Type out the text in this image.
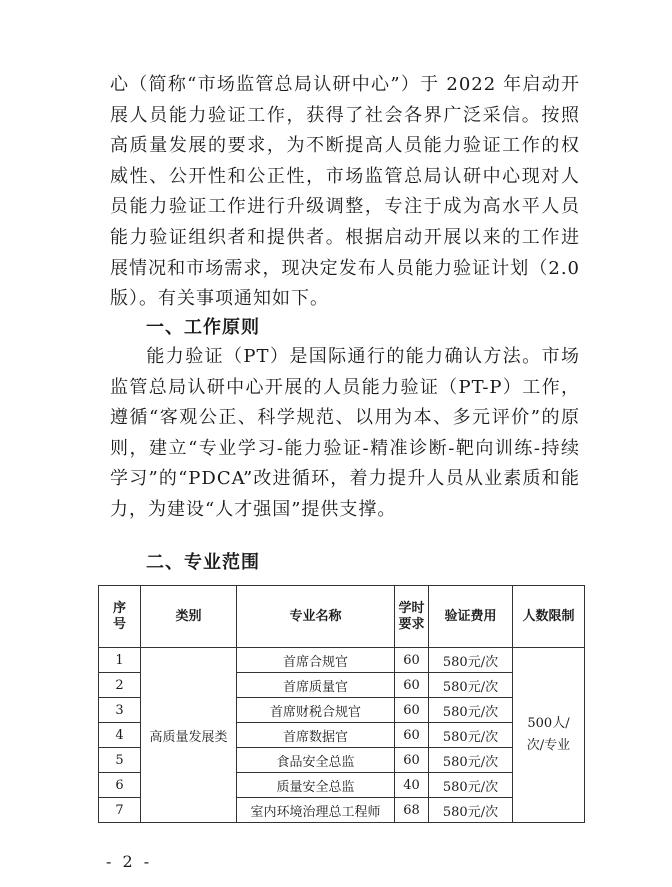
心（简称“市场监管总局认研中心”）于 2022 年启动开展人员能力验证工作，获得了社会各界广泛采信。按照高质量发展的要求，为不断提高人员能力验证工作的权威性、公开性和公正性，市场监管总局认研中心现对人员能力验证工作进行升级调整，专注于成为高水平人员能力验证组织者和提供者。根据启动开展以来的工作进展情况和市场需求，现决定发布人员能力验证计划（2.0版）。有关事项通知如下。

一、工作原则

能力验证（PT）是国际通行的能力确认方法。市场监管总局认研中心开展的人员能力验证（PT-P）工作，遵循“客观公正、科学规范、以用为本、多元评价”的原则，建立“专业学习-能力验证-精准诊断-靶向训练-持续学习”的“PDCA”改进循环，着力提升人员从业素质和能力，为建设“人才强国”提供支撑。

二、专业范围

序号	类别	专业名称	学时要求	验证费用	人数限制
1	高质量发展类	首席合规官	60	580元/次	500人/次/专业
2		首席质量官	60	580元/次	
3		首席财税合规官	60	580元/次	
4		首席数据官	60	580元/次	
5		食品安全总监	60	580元/次	
6		质量安全总监	40	580元/次	
7		室内环境治理总工程师	68	580元/次	

- 2 -
